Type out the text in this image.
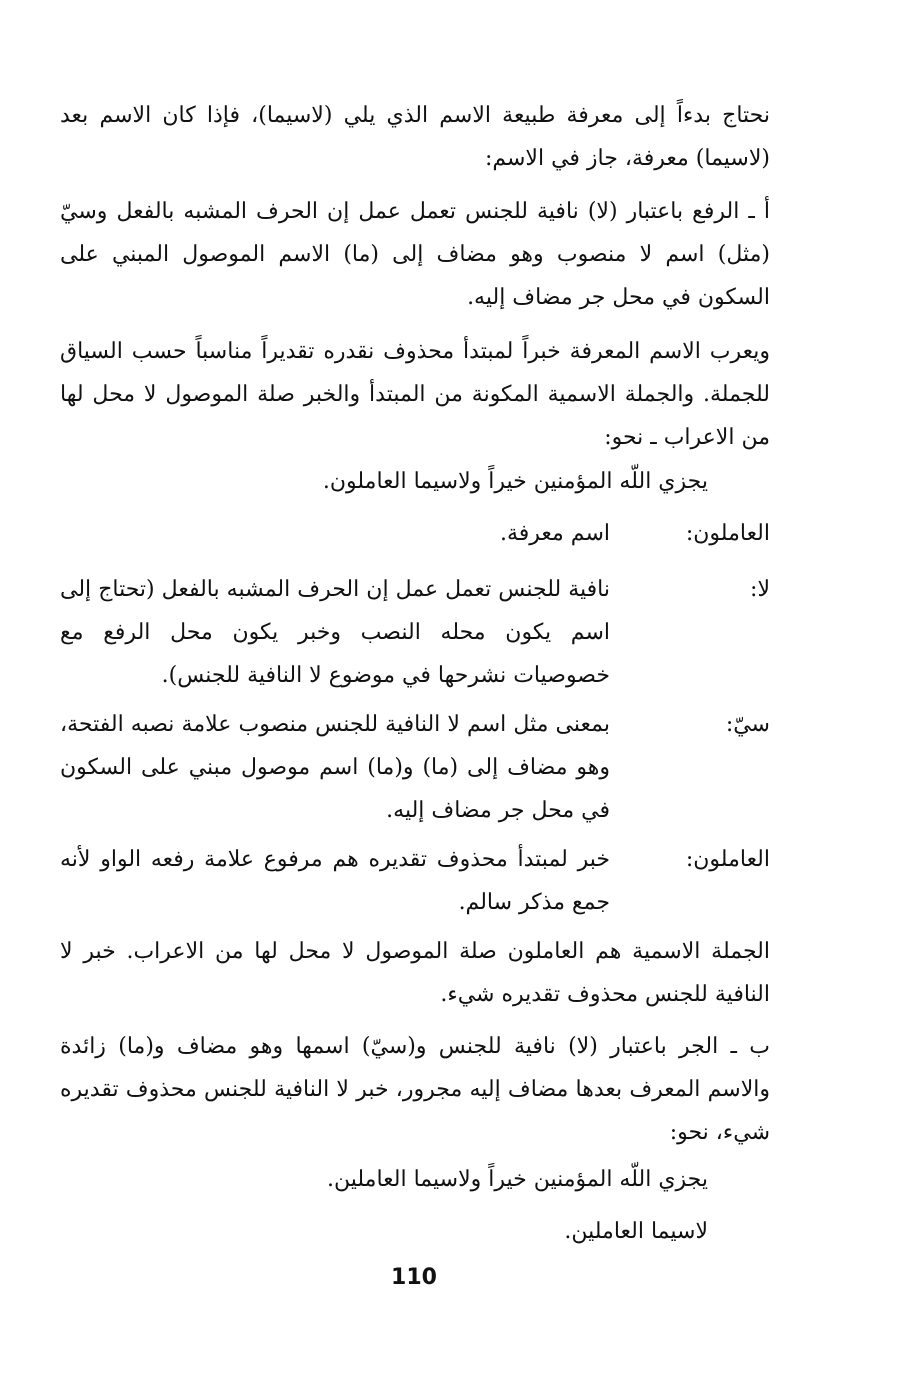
نحتاج بدءاً إلى معرفة طبيعة الاسم الذي يلي (لاسيما)، فإذا كان الاسم بعد (لاسيما) معرفة، جاز في الاسم:
أ ـ الرفع باعتبار (لا) نافية للجنس تعمل عمل إن الحرف المشبه بالفعل وسيّ (مثل) اسم لا منصوب وهو مضاف إلى (ما) الاسم الموصول المبني على السكون في محل جر مضاف إليه.
ويعرب الاسم المعرفة خبراً لمبتدأ محذوف نقدره تقديراً مناسباً حسب السياق للجملة. والجملة الاسمية المكونة من المبتدأ والخبر صلة الموصول لا محل لها من الاعراب ـ نحو:
يجزي اللّه المؤمنين خيراً ولاسيما العاملون.
العاملون:
اسم معرفة.
لا:
نافية للجنس تعمل عمل إن الحرف المشبه بالفعل (تحتاج إلى اسم يكون محله النصب وخبر يكون محل الرفع مع خصوصيات نشرحها في موضوع لا النافية للجنس).
سيّ:
بمعنى مثل اسم لا النافية للجنس منصوب علامة نصبه الفتحة، وهو مضاف إلى (ما) و(ما) اسم موصول مبني على السكون في محل جر مضاف إليه.
العاملون:
خبر لمبتدأ محذوف تقديره هم مرفوع علامة رفعه الواو لأنه جمع مذكر سالم.
الجملة الاسمية هم العاملون صلة الموصول لا محل لها من الاعراب. خبر لا النافية للجنس محذوف تقديره شيء.
ب ـ الجر باعتبار (لا) نافية للجنس و(سيّ) اسمها وهو مضاف و(ما) زائدة والاسم المعرف بعدها مضاف إليه مجرور، خبر لا النافية للجنس محذوف تقديره شيء، نحو:
يجزي اللّه المؤمنين خيراً ولاسيما العاملين.
لاسيما العاملين.
110
